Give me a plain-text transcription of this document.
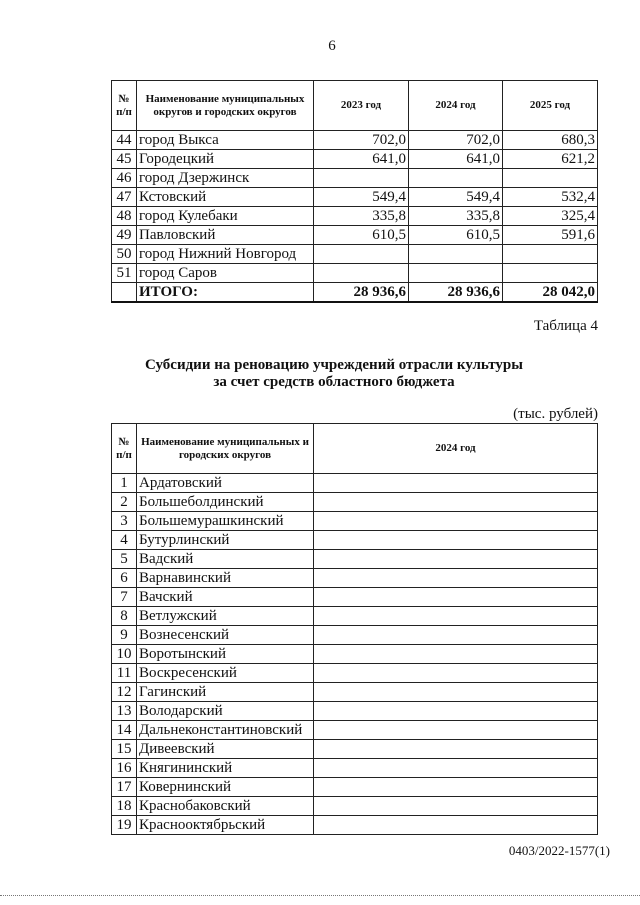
6
№ п/п	Наименование муниципальных округов и городских округов	2023 год	2024 год	2025 год
44	город Выкса	702,0	702,0	680,3
45	Городецкий	641,0	641,0	621,2
46	город Дзержинск			
47	Кстовский	549,4	549,4	532,4
48	город Кулебаки	335,8	335,8	325,4
49	Павловский	610,5	610,5	591,6
50	город Нижний Новгород			
51	город Саров			
	ИТОГО:	28 936,6	28 936,6	28 042,0
Таблица 4
Субсидии на реновацию учреждений отрасли культуры
за счет средств областного бюджета
(тыс. рублей)
№ п/п	Наименование муниципальных и городских округов	2024 год
1	Ардатовский	
2	Большеболдинский	
3	Большемурашкинский	
4	Бутурлинский	
5	Вадский	
6	Варнавинский	
7	Вачский	
8	Ветлужский	
9	Вознесенский	
10	Воротынский	
11	Воскресенский	
12	Гагинский	
13	Володарский	
14	Дальнеконстантиновский	
15	Дивеевский	
16	Княгининский	
17	Ковернинский	
18	Краснобаковский	
19	Краснооктябрьский	
0403/2022-1577(1)
